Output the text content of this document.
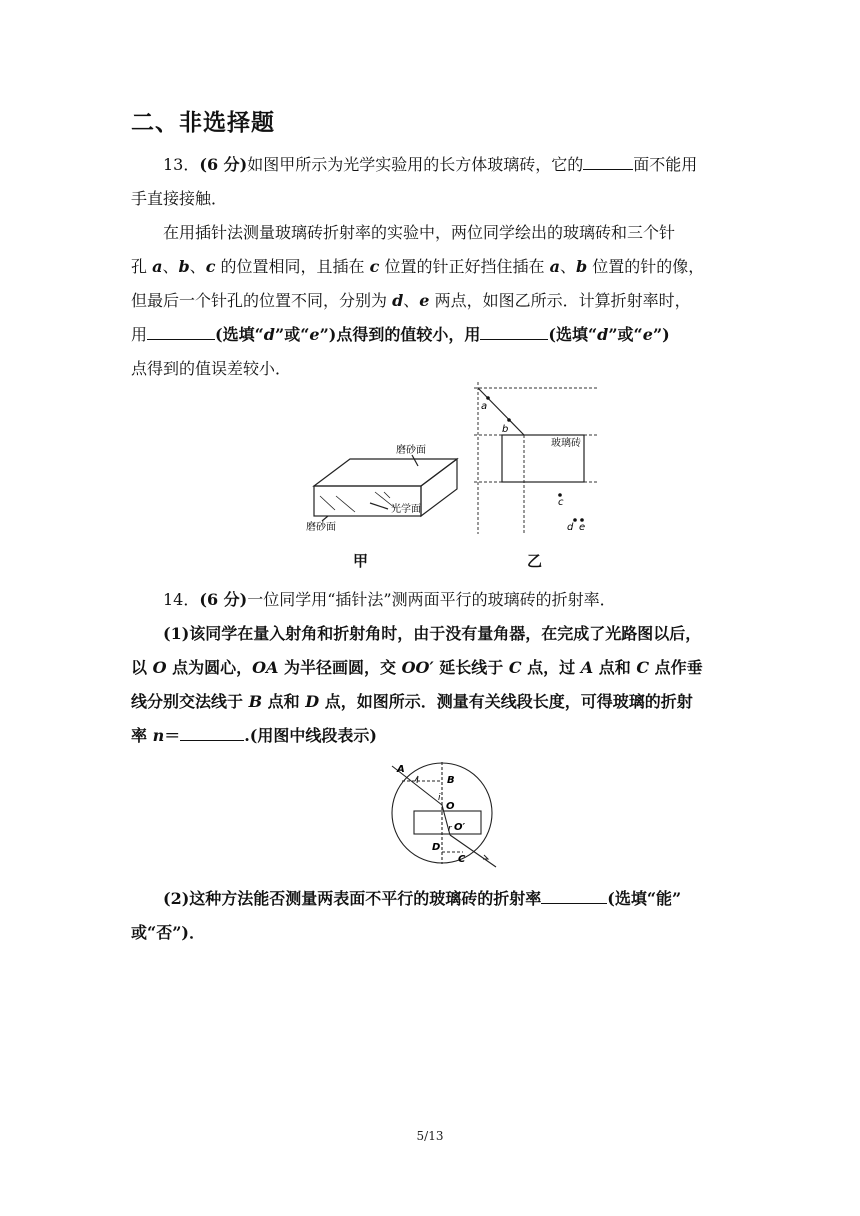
二、非选择题
13．(6 分)如图甲所示为光学实验用的长方体玻璃砖，它的	面不能用
手直接接触．
在用插针法测量玻璃砖折射率的实验中，两位同学绘出的玻璃砖和三个针
孔 a、b、c 的位置相同，且插在 c 位置的针正好挡住插在 a、b 位置的针的像，
但最后一个针孔的位置不同，分别为 d、e 两点，如图乙所示．计算折射率时，
用	(选填“d”或“e”)点得到的值较小，用	(选填“d”或“e”)
点得到的值误差较小．
磨砂面
光学面
磨砂面
甲
玻璃砖
a
b
c
d e
乙
14．(6 分)一位同学用“插针法”测两面平行的玻璃砖的折射率．
(1)该同学在量入射角和折射角时，由于没有量角器，在完成了光路图以后，
以 O 点为圆心，OA 为半径画圆，交 OO′ 延长线于 C 点，过 A 点和 C 点作垂
线分别交法线于 B 点和 D 点，如图所示．测量有关线段长度，可得玻璃的折射
率 n＝	.(用图中线段表示)
A
B
i
O
r O′
D
C
(2)这种方法能否测量两表面不平行的玻璃砖的折射率	(选填“能”
或“否”)．
5/13
